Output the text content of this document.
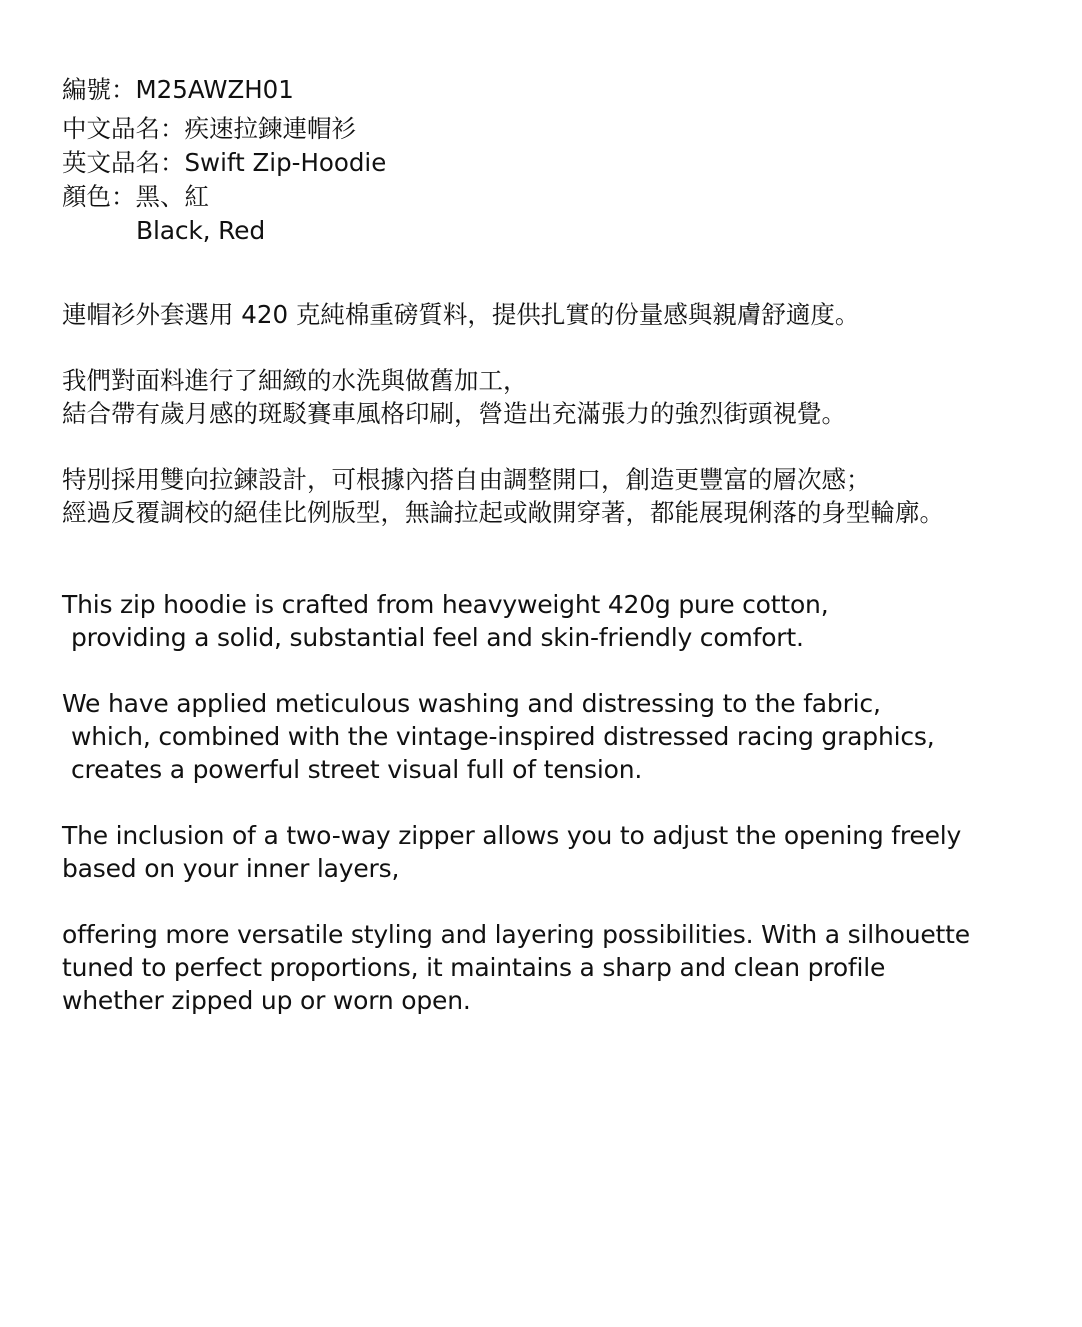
編號：M25AWZH01

中文品名：疾速拉鍊連帽衫

英文品名：Swift Zip-Hoodie

顏色：黑、紅

Black, Red

連帽衫外套選用 420 克純棉重磅質料，提供扎實的份量感與親膚舒適度。

我們對面料進行了細緻的水洗與做舊加工，

結合帶有歲月感的斑駁賽車風格印刷，營造出充滿張力的強烈街頭視覺。

特別採用雙向拉鍊設計，可根據內搭自由調整開口，創造更豐富的層次感；

經過反覆調校的絕佳比例版型，無論拉起或敞開穿著，都能展現俐落的身型輪廓。

This zip hoodie is crafted from heavyweight 420g pure cotton,

providing a solid, substantial feel and skin-friendly comfort.

We have applied meticulous washing and distressing to the fabric,

which, combined with the vintage-inspired distressed racing graphics,

creates a powerful street visual full of tension.

The inclusion of a two-way zipper allows you to adjust the opening freely

based on your inner layers,

offering more versatile styling and layering possibilities. With a silhouette

tuned to perfect proportions, it maintains a sharp and clean profile

whether zipped up or worn open.
